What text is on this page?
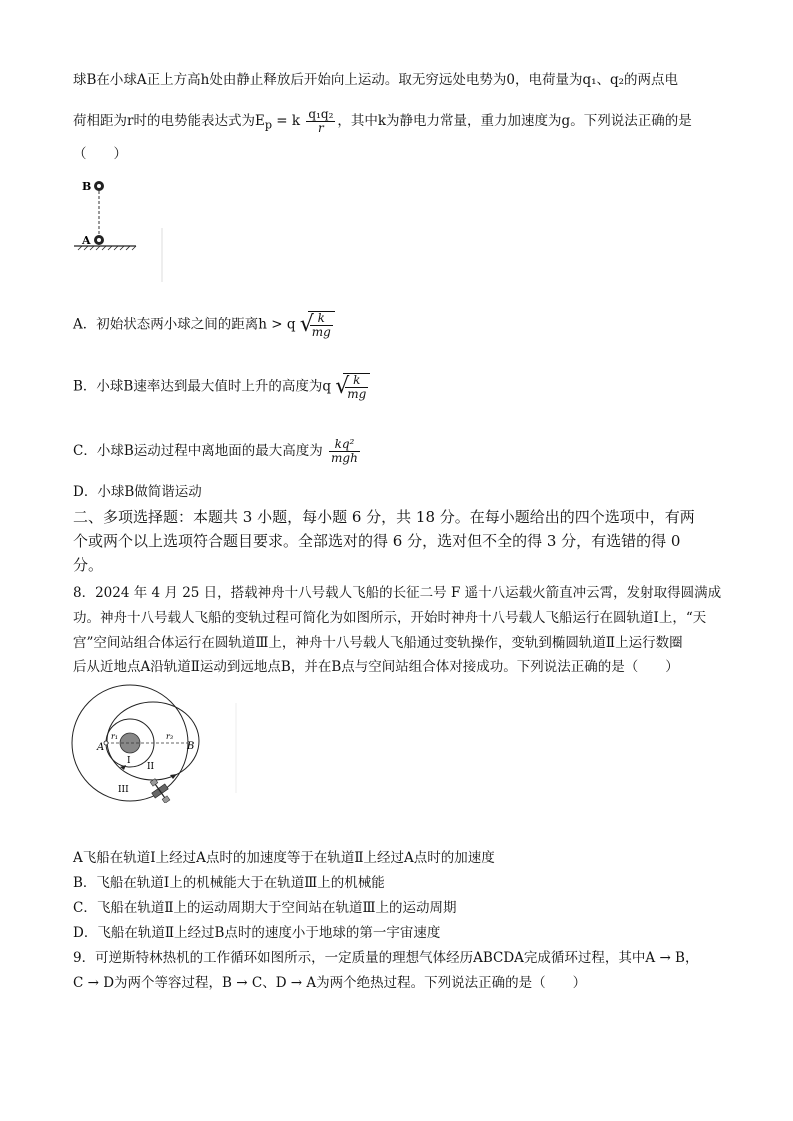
球B在小球A正上方高h处由静止释放后开始向上运动。取无穷远处电势为0，电荷量为q₁、q₂的两点电
荷相距为r时的电势能表达式为$E_p = k \frac{\text{q₁q₂}}{r}$ ，其中k为静电力常量，重力加速度为g。下列说法正确的是
（　　）
B
A
A．初始状态两小球之间的距离h > q √
$\frac{k}{mg}$
B．小球B速率达到最大值时上升的高度为q √
$\frac{k}{mg}$
C．小球B运动过程中离地面的最大高度为 $\frac{\text{kq²}}{\text{mgh}}$
D．小球B做简谐运动
二、多项选择题：本题共 3 小题，每小题 6 分，共 18 分。在每小题给出的四个选项中，有两
个或两个以上选项符合题目要求。全部选对的得 6 分，选对但不全的得 3 分，有选错的得 0
分。
8．2024 年 4 月 25 日，搭载神舟十八号载人飞船的长征二号 F 遥十八运载火箭直冲云霄，发射取得圆满成
功。神舟十八号载人飞船的变轨过程可简化为如图所示，开始时神舟十八号载人飞船运行在圆轨道Ⅰ上，“天
宫”空间站组合体运行在圆轨道Ⅲ上，神舟十八号载人飞船通过变轨操作，变轨到椭圆轨道Ⅱ上运行数圈
后从近地点A沿轨道Ⅱ运动到远地点B，并在B点与空间站组合体对接成功。下列说法正确的是（　　）
A	B
r₁	r₃
I
II
III
A飞船在轨道Ⅰ上经过A点时的加速度等于在轨道Ⅱ上经过A点时的加速度
B．飞船在轨道Ⅰ上的机械能大于在轨道Ⅲ上的机械能
C．飞船在轨道Ⅱ上的运动周期大于空间站在轨道Ⅲ上的运动周期
D．飞船在轨道Ⅱ上经过B点时的速度小于地球的第一宇宙速度
9．可逆斯特林热机的工作循环如图所示，一定质量的理想气体经历ABCDA完成循环过程，其中A → B，
C → D为两个等容过程，B → C、D → A为两个绝热过程。下列说法正确的是（　　）
